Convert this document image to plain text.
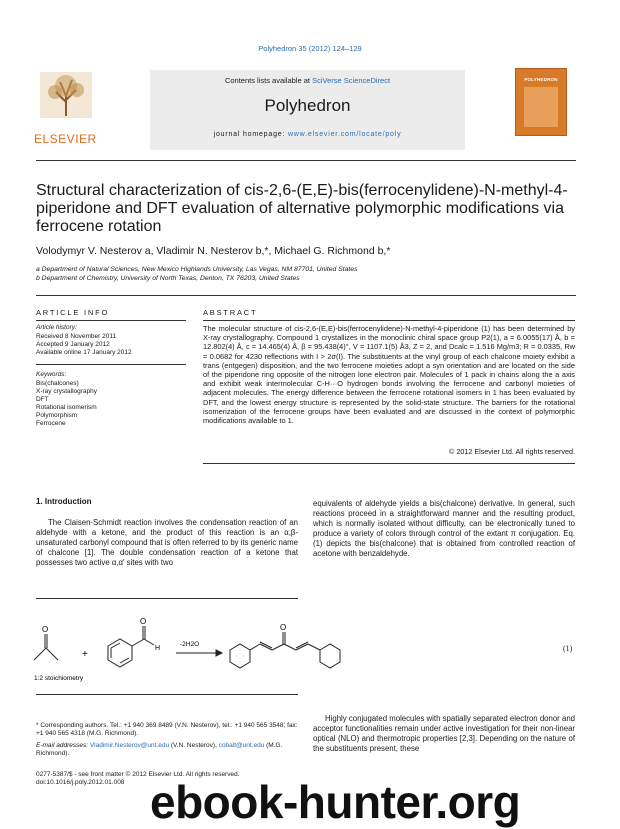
Polyhedron 35 (2012) 124–129
ELSEVIER
Contents lists available at SciVerse ScienceDirect
Polyhedron
journal homepage: www.elsevier.com/locate/poly
POLYHEDRON
Structural characterization of cis-2,6-(E,E)-bis(ferrocenylidene)-N-methyl-4-piperidone and DFT evaluation of alternative polymorphic modifications via ferrocene rotation
Volodymyr V. Nesterov a, Vladimir N. Nesterov b,*, Michael G. Richmond b,*
a Department of Natural Sciences, New Mexico Highlands University, Las Vegas, NM 87701, United States
b Department of Chemistry, University of North Texas, Denton, TX 76203, United States
ARTICLE INFO
Article history:
Received 8 November 2011
Accepted 9 January 2012
Available online 17 January 2012
Keywords:
Bis(chalcones)
X-ray crystallography
DFT
Rotational isomerism
Polymorphism
Ferrocene
ABSTRACT
The molecular structure of cis-2,6-(E,E)-bis(ferrocenylidene)-N-methyl-4-piperidone (1) has been determined by X-ray crystallography. Compound 1 crystallizes in the monoclinic chiral space group P2(1), a = 6.0055(17) Å, b = 12.802(4) Å, c = 14.465(4) Å, β = 95.438(4)°, V = 1107.1(5) Å3, Z = 2, and Dcalc = 1.516 Mg/m3; R = 0.0335, Rw = 0.0682 for 4230 reflections with I > 2σ(I). The substituents at the vinyl group of each chalcone moiety exhibit a trans (entgegen) disposition, and the two ferrocene moieties adopt a syn orientation and are located on the side of the piperidone ring opposite of the nitrogen lone electron pair. Molecules of 1 pack in chains along the a axis and exhibit weak intermolecular C-H···O hydrogen bonds involving the ferrocene and carbonyl moieties of adjacent molecules. The energy difference between the ferrocene rotational isomers in 1 has been evaluated by DFT, and the lowest energy structure is represented by the solid-state structure. The barriers for the rotational isomerization of the ferrocene groups have been evaluated and are discussed in the context of polymorphic modifications available to 1.
© 2012 Elsevier Ltd. All rights reserved.
1. Introduction
The Claisen-Schmidt reaction involves the condensation reaction of an aldehyde with a ketone, and the product of this reaction is an α,β-unsaturated carbonyl compound that is often referred to by its generic name of chalcone [1]. The double condensation reaction of a ketone that possesses two active α,α′ sites with two
equivalents of aldehyde yields a bis(chalcone) derivative. In general, such reactions proceed in a straightforward manner and the resulting product, which is normally isolated without difficulty, can be electronically tuned to produce a variety of colors through control of the extant π conjugation. Eq. (1) depicts the bis(chalcone) that is obtained from controlled reaction of acetone with benzaldehyde.
+
O
O
H
O
-2H2O
1:2 stoichiometry
(1)
Highly conjugated molecules with spatially separated electron donor and acceptor functionalities remain under active investigation for their non-linear optical (NLO) and thermotropic properties [2,3]. Depending on the nature of the substituents present, these
* Corresponding authors. Tel.: +1 940 369 8489 (V.N. Nesterov), tel.: +1 940 565 3548; fax: +1 940 565 4318 (M.G. Richmond).
E-mail addresses: Vladimir.Nesterov@unt.edu (V.N. Nesterov), cobalt@unt.edu (M.G. Richmond).
0277-5387/$ - see front matter © 2012 Elsevier Ltd. All rights reserved.
doi:10.1016/j.poly.2012.01.008 ebook-hunter.org
